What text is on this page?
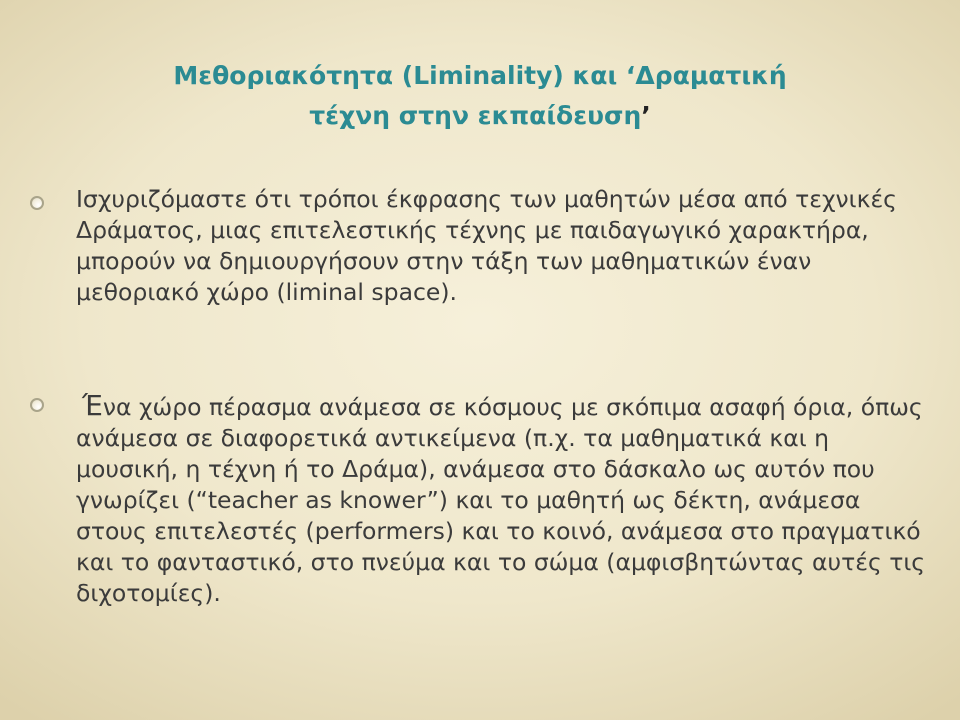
Μεθοριακότητα (Liminality) και ‘Δραματική
τέχνη στην εκπαίδευση’
Ισχυριζόμαστε ότι τρόποι έκφρασης των μαθητών μέσα από τεχνικές Δράματος, μιας επιτελεστικής τέχνης με παιδαγωγικό χαρακτήρα, μπορούν να δημιουργήσουν στην τάξη των μαθηματικών έναν μεθοριακό χώρο (liminal space).
Ένα χώρο πέρασμα ανάμεσα σε κόσμους με σκόπιμα ασαφή όρια, όπως ανάμεσα σε διαφορετικά αντικείμενα (π.χ. τα μαθηματικά και η μουσική, η τέχνη ή το Δράμα), ανάμεσα στο δάσκαλο ως αυτόν που γνωρίζει (“teacher as knower”) και το μαθητή ως δέκτη, ανάμεσα στους επιτελεστές (performers) και το κοινό, ανάμεσα στο πραγματικό και το φανταστικό, στο πνεύμα και το σώμα (αμφισβητώντας αυτές τις διχοτομίες).
